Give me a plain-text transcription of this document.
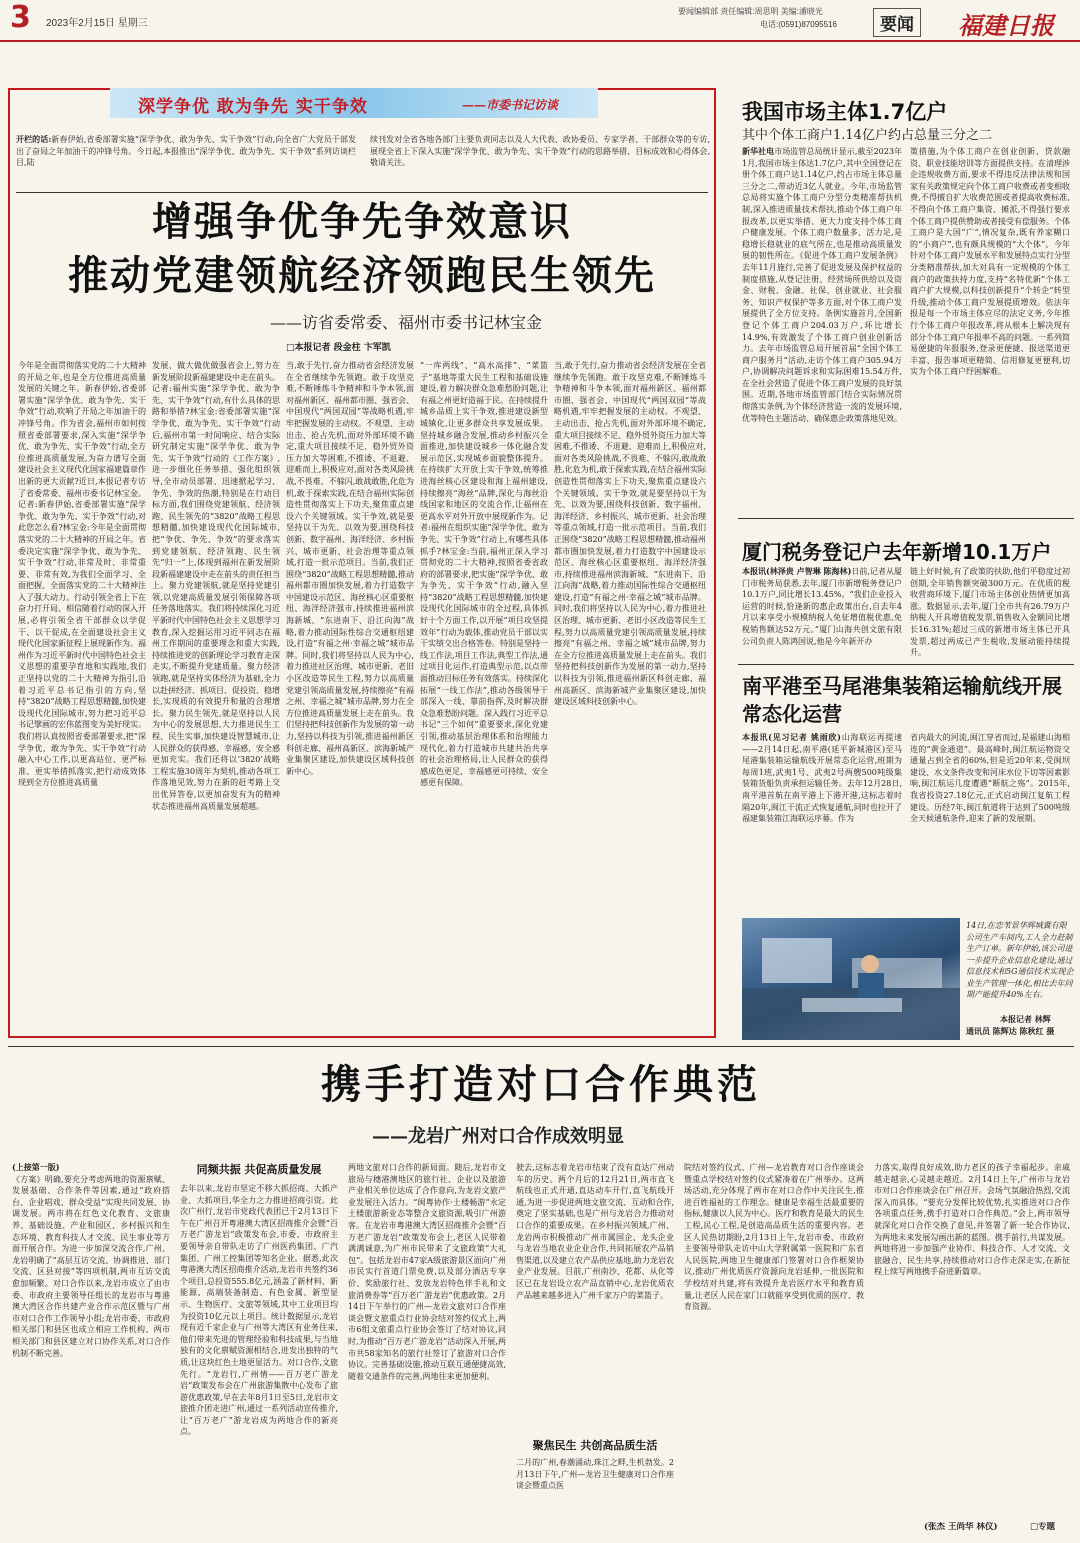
3 2023年2月15日 星期三
要闻编辑部 责任编辑:周思明 美编:潘晓光
电话:(0591)87095516	要闻 福建日报
深学争优 敢为争先 实干争效	——市委书记访谈
开栏的话:新春伊始,省委部署实施“深学争优、敢为争先、实干争效”行动,向全省广大党员干部发出了奋局之年加油干的冲锋号角。今日起,本报推出“深学争优、敢为争先、实干争效”系列访谈栏目,陆
续刊发对全省各地各部门主要负责同志以及人大代表、政协委员、专家学者、干部群众等的专访,展现全省上下深入实施“深学争优、敢为争先、实干争效”行动的思路举措、目标成效和心得体会,敬请关注。
增强争优争先争效意识
推动党建领航经济领跑民生领先
——访省委常委、福州市委书记林宝金
□本报记者 段金柱 卞军凯
今年是全面贯彻落实党的二十大精神的开局之年,也是全方位推进高质量发展的关键之年。新春伊始,省委部署实施“深学争优、敢为争先、实干争效”行动,吹响了开局之年加油干的冲锋号角。作为省会,福州市如何按照省委部署要求,深入实施“深学争优、敢为争先、实干争效”行动,全方位推进高质量发展,为奋力谱写全面建设社会主义现代化国家福建篇章作出新的更大贡献?近日,本报记者专访了省委常委、福州市委书记林宝金。记者:新春伊始,省委部署实施“深学争优、敢为争先、实干争效”行动,对此您怎么看?林宝金:今年是全面贯彻落实党的二十大精神的开局之年。省委决定实施“深学争优、敢为争先、实干争效”行动,非常及时、非常重要、非常有效,为我们全面学习、全面把握、全面落实党的二十大精神注入了强大动力。行动引领全省上下在奋力打开局、相信随着行动的深入开展,必将引领全省干部群众以学促干、以干促成,在全面建设社会主义现代化国家新征程上展现新作为。福州作为习近平新时代中国特色社会主义思想的重要孕育地和实践地,我们正坚持以党的二十大精神为指引,沿着习近平总书记指引的方向,坚持“3820”战略工程思想精髓,加快建设现代化国际城市,努力把习近平总书记擘画的宏伟蓝图变为美好现实。我们将认真按照省委部署要求,把“深学争优、敢为争先、实干争效”行动融入中心工作,以更高站位、更严标准、更实举措抓落实,把行动成效体现到全方位推进高质量
发展、做大做优做强省会上,努力在新发展阶段新福建建设中走在前头。记者:福州实施“深学争优、敢为争先、实干争效”行动,有什么具体的思路和举措?林宝金:省委部署实施“深学争优、敢为争先、实干争效”行动后,福州市第一时间响应、结合实际研究制定实施“深学争优、敢为争先、实干争效”行动的《工作方案》,进一步细化任务举措、强化组织领导,全市动员部署、迅速掀起学习、争先、争效的热潮,特别是在行动目标方面,我们围绕党建领航、经济领跑、民生领先的“3820”战略工程思想精髓,加快建设现代化国际城市,把“争优、争先、争效”的要求落实到党建领航、经济领跑、民生领先“归一”上,体现到福州在新发展阶段新福建建设中走在前头的责任担当上。聚力党建领航,就是坚持党建引领,以党建高质量发展引领保障各项任务落地落实。我们将持续深化习近平新时代中国特色社会主义思想学习教育,深入挖掘运用习近平同志在福州工作期间的重要理念和重大实践,持续推进党的创新理论学习教育走深走实,不断提升党建质量。聚力经济领跑,就是坚持实体经济为基础,全力以赴拼经济、抓项目、促投资、稳增长,实现质的有效提升和量的合理增长。聚力民生领先,就是坚持以人民为中心的发展思想,大力推进民生工程、民生实事,加快建设智慧城市,让人民群众的获得感、幸福感、安全感更加充实。我们还将以‘3820’战略工程实施30周年为契机,推动各项工作落地见效,努力在新的赶考路上交出优异答卷,以更加奋发有为的精神状态推进福州高质量发展超越。
当,敢于先行,奋力推动省会经济发展在全省继续争先领跑。敢于攻坚克难,不断锤炼斗争精神和斗争本领,面对福州新区、福州都市圈、强省会、中国现代“两国双园”等战略机遇,牢牢把握发展的主动权。不观望、主动出击、抢占先机,面对外部环境不确定,重大项目接续不足、稳外贸外资压力加大等困难,不推诿、不退避、迎难而上,积极应对,面对各类风险挑战,不畏难、不躲闪,敢战敢胜,化危为机,敢于探索实践,在结合福州实际创造性贯彻落实上下功夫,聚焦重点建设六个关键领域。实干争效,就是要坚持以干为先、以效为要,围绕科技创新、数字福州、海洋经济、乡村振兴、城市更新、社会治理等重点领域,打造一批示范项目。当前,我们正围绕“3820”战略工程思想精髓,推动福州都市圈加快发展,着力打造数字中国建设示范区、海丝核心区重要枢纽、海洋经济强市,持续推进福州滨海新城、“东进南下、沿江向海”战略,着力推动国际性综合交通枢纽建设,打造“有福之州·幸福之城”城市品牌。同时,我们将坚持以人民为中心,着力推进社区治理、城市更新、老旧小区改造等民生工程,努力以高质量党建引领高质量发展,持续擦亮“有福之州、幸福之城”城市品牌,努力在全方位推进高质量发展上走在前头。我们坚持把科技创新作为发展的第一动力,坚持以科技为引领,推进福州新区科创走廊、福州高新区、滨海新城产业集聚区建设,加快建设区域科技创新中心。
“一库两线”、“高水高排”、“菜篮子”基地等重大民生工程和基础设施建设,着力解决群众急难愁盼问题,让有福之州更好造福于民。在持续提升城乡品质上实干争效,推进建设新型城镇化,让更多群众共享发展成果。坚持城乡融合发展,推动乡村振兴全面推进,加快建设城乡一体化融合发展示范区,实现城乡面貌整体提升。在持续扩大开放上实干争效,统筹推进海丝核心区建设和海上福州建设,持续擦亮“海丝”品牌,深化与海丝沿线国家和地区的交流合作,让福州在更高水平对外开放中展现新作为。记者:福州在组织实施“深学争优、敢为争先、实干争效”行动上,有哪些具体抓手?林宝金:当前,福州正深入学习贯彻党的二十大精神,按照省委省政府的部署要求,把实施“深学争优、敢为争先、实干争效”行动,融入坚持“3820”战略工程思想精髓,加快建设现代化国际城市的全过程,具体抓好十个方面工作,以开展“项目攻坚提效年”行动为载体,推动党员干部以实干实绩交出合格答卷。特别是坚持一线工作法,项目工作法,典型工作法,通过项目化运作,打造典型示范,以点带面推动目标任务有效落实。持续深化拓展“一线工作法”,推动各级领导干部深入一线、靠前指挥,及时解决群众急难愁盼问题。深入践行习近平总书记“三个如何”重要要求,深化党建引领,推动基层治理体系和治理能力现代化,着力打造城市共建共治共享的社会治理格局,让人民群众的获得感成色更足、幸福感更可持续、安全感更有保障。
当,敢于先行,奋力推动省会经济发展在全省继续争先领跑。敢于攻坚克难,不断锤炼斗争精神和斗争本领,面对福州新区、福州都市圈、强省会、中国现代“两国双园”等战略机遇,牢牢把握发展的主动权。不观望、主动出击、抢占先机,面对外部环境不确定,重大项目接续不足、稳外贸外资压力加大等困难,不推诿、不退避、迎难而上,积极应对,面对各类风险挑战,不畏难、不躲闪,敢战敢胜,化危为机,敢于探索实践,在结合福州实际创造性贯彻落实上下功夫,聚焦重点建设六个关键领域。实干争效,就是要坚持以干为先、以效为要,围绕科技创新、数字福州、海洋经济、乡村振兴、城市更新、社会治理等重点领域,打造一批示范项目。当前,我们正围绕“3820”战略工程思想精髓,推动福州都市圈加快发展,着力打造数字中国建设示范区、海丝核心区重要枢纽、海洋经济强市,持续推进福州滨海新城、“东进南下、沿江向海”战略,着力推动国际性综合交通枢纽建设,打造“有福之州·幸福之城”城市品牌。同时,我们将坚持以人民为中心,着力推进社区治理、城市更新、老旧小区改造等民生工程,努力以高质量党建引领高质量发展,持续擦亮“有福之州、幸福之城”城市品牌,努力在全方位推进高质量发展上走在前头。我们坚持把科技创新作为发展的第一动力,坚持以科技为引领,推进福州新区科创走廊、福州高新区、滨海新城产业集聚区建设,加快建设区域科技创新中心。
我国市场主体1.7亿户
其中个体工商户1.14亿户约占总量三分之二
新华社电市场监管总局统计显示,截至2023年1月,我国市场主体达1.7亿户,其中全国登记在册个体工商户达1.14亿户,约占市场主体总量三分之二,带动近3亿人就业。今年,市场监管总局将实施个体工商户分型分类精准帮扶机制,深入推进质量技术帮扶,推动个体工商户年报改革,以更实举措、更大力度支持个体工商户健康发展。个体工商户数量多、活力足,是稳增长稳就业的底气所在,也是推动高质量发展的韧性所在。《促进个体工商户发展条例》去年11月施行,完善了促进发展及保护权益的制度措施,从登记注册、经营场所供给以及资金、财税、金融、社保、创业就业、社会服务、知识产权保护等多方面,对个体工商户发展提供了全方位支持。条例实施首月,全国新登记个体工商户204.03万户,环比增长14.9%,有效激发了个体工商户创业创新活力。去年市场监管总局开展首届“全国个体工商户服务月”活动,走访个体工商户305.94万户,协调解决问题诉求和实际困难15.54万件,在全社会营造了促进个体工商户发展的良好氛围。近期,各地市场监管部门结合实际情况贯彻落实条例,为个体经济营造一流的发展环境,优等特色主题活动、确保惠企政策落地见效。
策措施,为个体工商户在创业创新、贷款融资、职业技能培训等方面提供支持。在清理涉企违规收费方面,要求不得违反法律法规和国家有关政策规定向个体工商户收费或者变相收费,不得擅自扩大收费范围或者提高收费标准,不得向个体工商户集资、摊派,不得强行要求个体工商户提供赞助或者接受有偿服务。个体工商户是大国“广”,情况复杂,既有养家糊口的“小商户”,也有颇具规模的“大个体”。今年针对个体工商户发展水平和发展特点实行分型分类精准帮扶,加大对具有一定规模的个体工商户的政策扶持力度,支持“名特优新”个体工商户扩大规模,以科技创新提升“个转企”转型升级,推动个体工商户发展提质增效。依法年报是每一个市场主体应尽的法定义务,今年推行个体工商户年报改革,将从根本上解决现有部分个体工商户年报率不高的问题。一系列简易便捷的年报服务,登录更便捷、报送渠道更丰富、报告事项更精简、信用修复更便利,切实为个体工商户纾困解难。
厦门税务登记户去年新增10.1万户
本报讯(林泽贵 卢智琳 陈海林)日前,记者从厦门市税务局获悉,去年,厦门市新增税务登记户10.1万户,同比增长13.45%。“我们企业投入运营的时候,恰逢新的惠企政策出台,自去年4月以来享受小规模纳税人免征增值税优惠,免税销售额达52万元。”厦门山海共创文旅有限公司负责人陈鸿国说,他是今年新开办
链上好时候,有了政策的扶助,他们平稳度过初创期,全年销售额突破300万元。在优质的税收营商环境下,厦门市场主体创业热情更加高涨。数据显示,去年,厦门全市共有26.79万户纳税人开具增值税发票,销售收入金额同比增长16.31%;超过三成的新增市场主体已开具发票,超过两成已产生税收,发展动能持续提升。
南平港至马尾港集装箱运输航线开展常态化运营
本报讯(见习记者 姚雨欣)山海联运再提速——2月14日起,南平港(延平新城港区)至马尾港集装箱运输航线开展常态化运营,班期为每周1班,武夷1号、武夷2号两艘500吨级集装箱货船负责承担运输任务。去年12月28日,南平港首航在南平港上下港开港,这标志着时隔20年,闽江干流正式恢复通航,同时也拉开了福建集装箱江海联运序幕。作为
省内最大的河流,闽江穿省而过,是福建山海相连的“黄金通道”。最高峰时,闽江航运物资交通量占到全省的60%,但是近20年来,受闽坝建设、水文条件改变和河床水位下切等因素影响,闽江航运几度遭遇“断航之殇”。2015年,我省投资27.18亿元,正式启动闽江复航工程建设。历经7年,闽江航道将于达到了500吨级全天候通航条件,迎来了新的发展期。
14日,在恋苇景华辉城冀有限公司生产车间内,工人全力赶制生产订单。新年伊始,该公司进一步提升企业信息化建设,通过信息技术和5G通信技术实现企业生产管理一体化,相比去年同期产能提升40%左右。
本报记者 林辉
通讯员 陈辉达 陈秋红 摄
携手打造对口合作典范
——龙岩广州对口合作成效明显
(上接第一版)
《方案》明确,要充分考虑两地的资源禀赋、发展基础、合作条件等因素,通过“政府搭台、企业唱戏、群众受益”实现共同发展、协调发展。两市将在红色文化教育、文旅康养、基础设施、产业和园区、乡村振兴和生态环境、教育科技人才交流、民生事业等方面开展合作。为进一步加深交流合作,广州、龙岩明确了“高层互访交流、协调推进、部门交流、区县对接”等四项机制,两市互访交流愈加频繁。对口合作以来,龙岩市成立了由市委、市政府主要领导任组长的龙岩市与粤港澳大湾区合作共建产业合作示范区暨与广州市对口合作工作领导小组;龙岩市委、市政府相关部门和县区也成立相应工作机构、两市相关部门和县区建立对口协作关系,对口合作机制不断完善。
同频共振 共促高质量发展
去年以来,龙岩市坚定不移大抓招商、大抓产业、大抓项目,华全力之力推进招商引资。此次广州行,龙岩市党政代表团已于2月13日下午在广州召开粤港澳大湾区招商推介会暨“百万老广游龙岩”政策发布会,市委、市政府主要领导亲自带队走访了广州医药集团、广汽集团、广州工控集团等知名企业。据悉,此次粤港澳大湾区招商推介活动,龙岩市共签约36个项目,总投资555.8亿元,涵盖了新材料、新能源、高端装备制造、有色金属、新型显示、生物医疗、文旅等领域,其中工业项目均为投资10亿元以上项目。统计数据显示,龙岩现有近千家企业与广州等大湾区有业务往来,他们带来先进的管理经验和科技成果,与当地独有的文化禀赋资源相结合,进发出独特的气质,让这块红色土地更显活力。对口合作,文旅先行。“龙岩行,广州情——百万老广游龙岩”政策发布会在广州旅游集散中心发布了旅游优惠政策,早在去年8月1日至5日,龙岩市文旅推介团走进广州,通过一系列活动宣传推介,让“百万老广”游龙岩成为两地合作的新亮点。
两地文旅对口合作的新局面。随后,龙岩市文旅局与穗港澳地区的旅行社、企业以及旅游产业相关单位达成了合作意向,为龙岩文旅产业发展注入活力。“闽粤协作·土楼畅游”永定土楼旅游新业态等整合文旅资源,吸引广州游客。在龙岩市粤港澳大湾区招商推介会暨“百万老广游龙岩”政策发布会上,老区人民带着满满诚意,为广州市民带来了文旅政策“大礼包”。包括龙岩市47家A级旅游景区面向广州市民实行首道门票免费,以及部分酒店专享价、奖励旅行社、发放龙岩特色伴手礼和文旅消费券等“百万老广游龙岩”优惠政策。2月14日下午举行的广州—龙岩文旅对口合作座谈会暨文旅重点行业协会结对签约仪式上,两市6组文旅重点行业协会签订了结对协议,同时,为推动“百万老广游龙岩”活动深入开展,两市共58家知名的旅行社签订了旅游对口合作协议。完善基础设施,推动互联互通便捷高效,随着交通条件的完善,两地往来更加便利。
驶去,这标志着龙岩市结束了没有直达广州动车的历史。两个月后的12月21日,两市直飞航线也正式开通,直达动车开行,直飞航线开通,为进一步促进两地文旅交流、互动和合作,奠定了坚实基础,也是广州与龙岩合力推动对口合作的重要成果。在乡村振兴领域,广州、龙岩两市积极推动广州市属国企、龙头企业与龙岩当地农业企业合作,共同拓展农产品销售渠道,以及建立农产品供应基地,助力龙岩农业产业发展。目前,广州南沙、花都、从化等区已在龙岩设立农产品直销中心,龙岩优质农产品越来越多进入广州千家万户的菜篮子。
聚焦民生 共创高品质生活
二月的广州,春潮涌动,珠江之畔,生机勃发。2月13日下午,广州—龙岩卫生健康对口合作座谈会暨重点医
院结对签约仪式、广州—龙岩教育对口合作座谈会暨重点学校结对签约仪式紧凑着在广州举办。这两场活动,充分体现了两市在对口合作中关注民生,推进百姓福祉的工作理念。健康是幸福生活最重要的指标,健康以人民为中心。医疗和教育是最大的民生工程,民心工程,是创造高品质生活的重要内容。老区人民热切期盼,2月13日上午,龙岩市委、市政府主要领导带队走访中山大学附属第一医院和广东省人民医院,两地卫生健康部门签署对口合作框架协议,推动广州优质医疗资源向龙岩延伸,一批医院和学校结对共建,将有效提升龙岩医疗水平和教育质量,让老区人民在家门口就能享受到优质的医疗、教育资源。
力落实,取得良好成效,助力老区的孩子幸福起步。亲戚越走越亲,心灵越走越近。2月14日上午,广州市与龙岩市对口合作座谈会在广州召开。会场气氛融洽热烈,交流深入而具体。“要充分发挥比较优势,扎实推进对口合作各项重点任务,携手打造对口合作典范。”会上,两市领导就深化对口合作交换了意见,并签署了新一轮合作协议,为两地未来发展勾画出新的蓝图。携手前行,共谋发展。两地将进一步加强产业协作、科技合作、人才交流、文旅融合、民生共享,持续推动对口合作走深走实,在新征程上续写两地携手奋进新篇章。
(张杰 王尚华 林仪)	□专题
